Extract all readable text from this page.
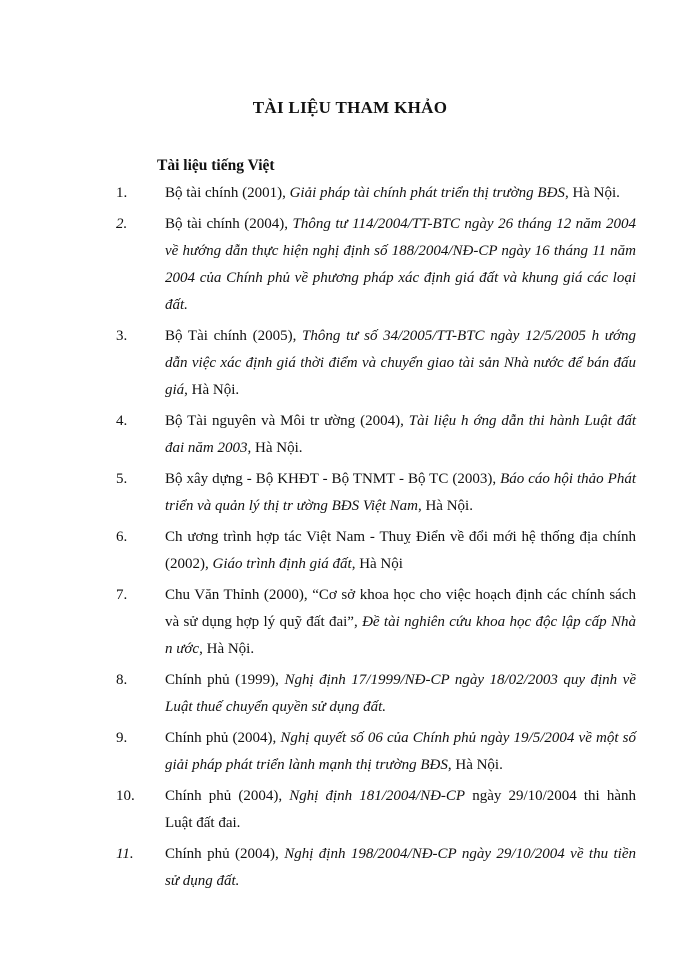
TÀI LIỆU THAM KHẢO
Tài liệu tiếng Việt
1.	Bộ tài chính (2001), Giải pháp tài chính phát triển thị trường BĐS, Hà Nội.
2.	Bộ tài chính (2004), Thông tư 114/2004/TT-BTC ngày 26 tháng 12 năm 2004 về hướng dẫn thực hiện nghị định số 188/2004/NĐ-CP ngày 16 tháng 11 năm 2004 của Chính phủ về phương pháp xác định giá đất và khung giá các loại đất.
3.	Bộ Tài chính (2005), Thông tư số 34/2005/TT-BTC ngày 12/5/2005 h ướng dẫn việc xác định giá thời điểm và chuyển giao tài sản Nhà nước để bán đấu giá, Hà Nội.
4.	Bộ Tài nguyên và Môi tr ường (2004), Tài liệu h ớng dẫn thi hành Luật đất đai năm 2003, Hà Nội.
5.	Bộ xây dựng - Bộ KHĐT - Bộ TNMT - Bộ TC (2003), Báo cáo hội thảo Phát triển và quản lý thị tr ường BĐS Việt Nam, Hà Nội.
6.	Ch ương trình hợp tác Việt Nam - Thuỵ Điển về đổi mới hệ thống địa chính (2002), Giáo trình định giá đất, Hà Nội
7.	Chu Văn Thỉnh (2000), “Cơ sở khoa học cho việc hoạch định các chính sách và sử dụng hợp lý quỹ đất đai”, Đề tài nghiên cứu khoa học độc lập cấp Nhà n ước, Hà Nội.
8.	Chính phủ (1999), Nghị định 17/1999/NĐ-CP ngày 18/02/2003 quy định về Luật thuế chuyển quyền sử dụng đất.
9.	Chính phủ (2004), Nghị quyết số 06 của Chính phủ ngày 19/5/2004 về một số giải pháp phát triển lành mạnh thị trường BĐS, Hà Nội.
10.	Chính phủ (2004), Nghị định 181/2004/NĐ-CP ngày 29/10/2004 thi hành Luật đất đai.
11.	Chính phủ (2004), Nghị định 198/2004/NĐ-CP ngày 29/10/2004 về thu tiền sử dụng đất.
